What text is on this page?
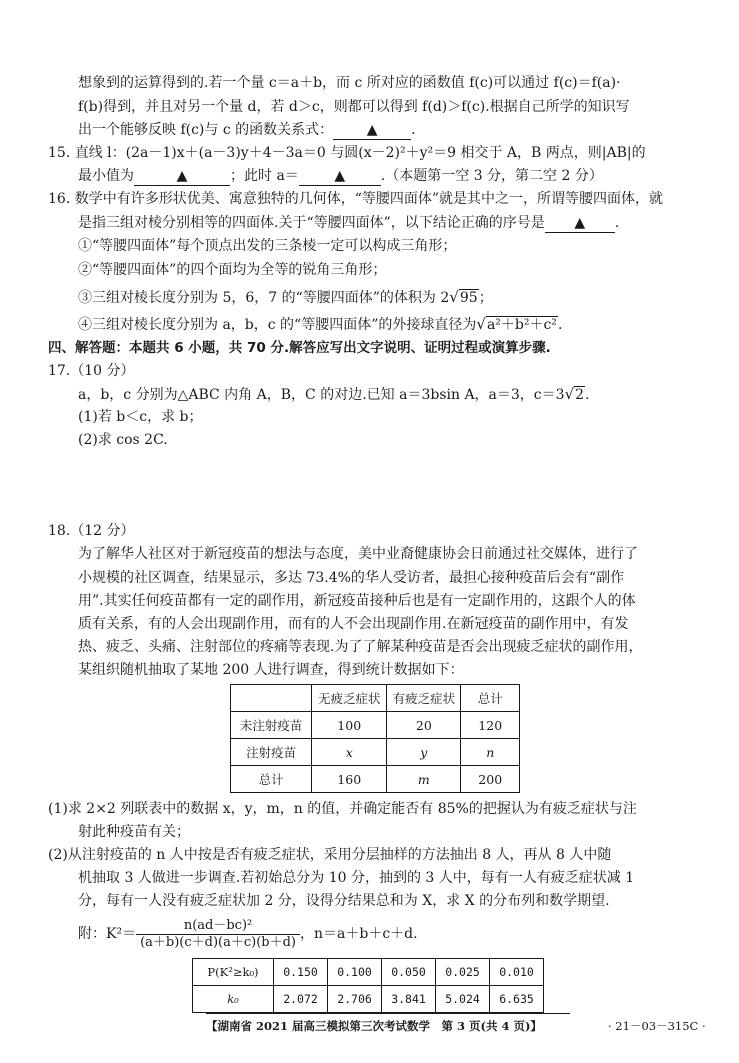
想象到的运算得到的.若一个量 c＝a＋b，而 c 所对应的函数值 f(c)可以通过 f(c)＝f(a)·
f(b)得到，并且对另一个量 d，若 d＞c，则都可以得到 f(d)＞f(c).根据自己所学的知识写
出一个能够反映 f(c)与 c 的函数关系式： ▲ .
15. 直线 l：(2a－1)x＋(a－3)y＋4－3a＝0 与圆(x－2)²＋y²＝9 相交于 A，B 两点，则|AB|的
最小值为	▲	；此时 a＝	▲	.（本题第一空 3 分，第二空 2 分）
16. 数学中有许多形状优美、寓意独特的几何体，“等腰四面体”就是其中之一，所谓等腰四面体，就
是指三组对棱分别相等的四面体.关于“等腰四面体”，以下结论正确的序号是 ▲ .
①“等腰四面体”每个顶点出发的三条棱一定可以构成三角形；
②“等腰四面体”的四个面均为全等的锐角三角形；
③三组对棱长度分别为 5，6，7 的“等腰四面体”的体积为 2√95；
④三组对棱长度分别为 a，b，c 的“等腰四面体”的外接球直径为√a²＋b²＋c².
四、解答题：本题共 6 小题，共 70 分.解答应写出文字说明、证明过程或演算步骤.
17.（10 分）
a，b，c 分别为△ABC 内角 A，B，C 的对边.已知 a＝3bsin A，a＝3，c＝3√2.
(1)若 b＜c，求 b；
(2)求 cos 2C.
18.（12 分）
为了解华人社区对于新冠疫苗的想法与态度，美中业裔健康协会日前通过社交媒体，进行了
小规模的社区调查，结果显示，多达 73.4%的华人受访者，最担心接种疫苗后会有“副作
用”.其实任何疫苗都有一定的副作用，新冠疫苗接种后也是有一定副作用的，这跟个人的体
质有关系，有的人会出现副作用，而有的人不会出现副作用.在新冠疫苗的副作用中，有发
热、疲乏、头痛、注射部位的疼痛等表现.为了了解某种疫苗是否会出现疲乏症状的副作用，
某组织随机抽取了某地 200 人进行调查，得到统计数据如下：
	无疲乏症状	有疲乏症状	总计
未注射疫苗	100	20	120
注射疫苗	x	y	n
总计	160	m	200
(1)求 2×2 列联表中的数据 x，y，m，n 的值，并确定能否有 85%的把握认为有疲乏症状与注
射此种疫苗有关；
(2)从注射疫苗的 n 人中按是否有疲乏症状，采用分层抽样的方法抽出 8 人，再从 8 人中随
机抽取 3 人做进一步调查.若初始总分为 10 分，抽到的 3 人中，每有一人有疲乏症状减 1
分，每有一人没有疲乏症状加 2 分，设得分结果总和为 X，求 X 的分布列和数学期望.
附：$K^2= \frac{\text{n(ad－bc)²}}{(a+b)(c+d)(a+c)(b+d)}$ ，n＝a＋b＋c＋d.
P(K²≥k₀)	0.150	0.100	0.050	0.025	0.010
k₀	2.072	2.706	3.841	5.024	6.635
【湖南省 2021 届高三模拟第三次考试数学　第 3 页(共 4 页)】	· 21－03－315C ·
